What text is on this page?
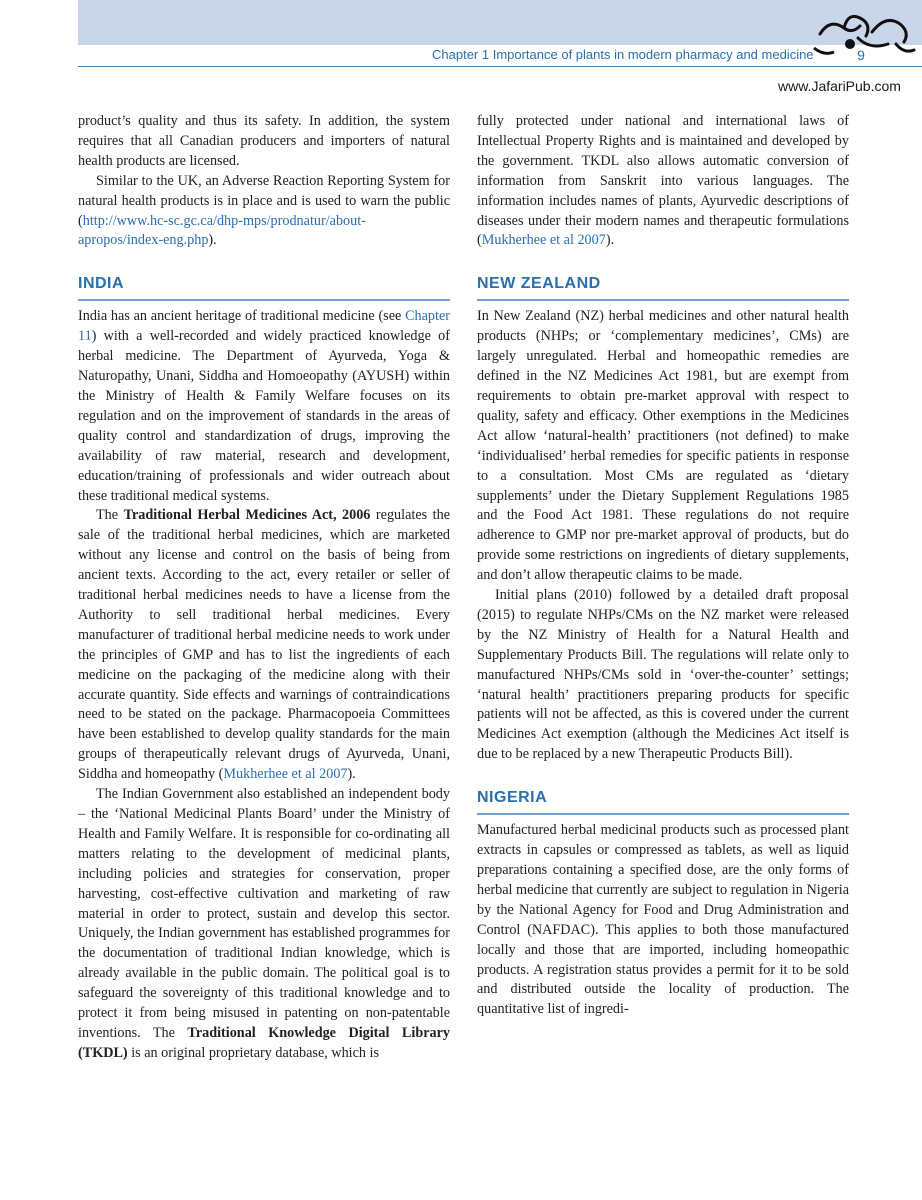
Chapter 1 Importance of plants in modern pharmacy and medicine	9
www.JafariPub.com

product’s quality and thus its safety. In addition, the system requires that all Canadian producers and importers of natural health products are licensed.

Similar to the UK, an Adverse Reaction Reporting System for natural health products is in place and is used to warn the public (http://www.hc-sc.gc.ca/dhp-mps/prodnatur/about-apropos/index-eng.php).

INDIA

India has an ancient heritage of traditional medicine (see Chapter 11) with a well-recorded and widely practiced knowledge of herbal medicine. The Department of Ayurveda, Yoga & Naturopathy, Unani, Siddha and Homoeopathy (AYUSH) within the Ministry of Health & Family Welfare focuses on its regulation and on the improvement of standards in the areas of quality control and standardization of drugs, improving the availability of raw material, research and development, education/training of professionals and wider outreach about these traditional medical systems.

The Traditional Herbal Medicines Act, 2006 regulates the sale of the traditional herbal medicines, which are marketed without any license and control on the basis of being from ancient texts. According to the act, every retailer or seller of traditional herbal medicines needs to have a license from the Authority to sell traditional herbal medicines. Every manufacturer of traditional herbal medicine needs to work under the principles of GMP and has to list the ingredients of each medicine on the packaging of the medicine along with their accurate quantity. Side effects and warnings of contraindications need to be stated on the package. Pharmacopoeia Committees have been established to develop quality standards for the main groups of therapeutically relevant drugs of Ayurveda, Unani, Siddha and homeopathy (Mukherhee et al 2007).

The Indian Government also established an independent body – the ‘National Medicinal Plants Board’ under the Ministry of Health and Family Welfare. It is responsible for co-ordinating all matters relating to the development of medicinal plants, including policies and strategies for conservation, proper harvesting, cost-effective cultivation and marketing of raw material in order to protect, sustain and develop this sector. Uniquely, the Indian government has established programmes for the documentation of traditional Indian knowledge, which is already available in the public domain. The political goal is to safeguard the sovereignty of this traditional knowledge and to protect it from being misused in patenting on non-patentable inventions. The Traditional Knowledge Digital Library (TKDL) is an original proprietary database, which is

fully protected under national and international laws of Intellectual Property Rights and is maintained and developed by the government. TKDL also allows automatic conversion of information from Sanskrit into various languages. The information includes names of plants, Ayurvedic descriptions of diseases under their modern names and therapeutic formulations (Mukherhee et al 2007).

NEW ZEALAND

In New Zealand (NZ) herbal medicines and other natural health products (NHPs; or ‘complementary medicines’, CMs) are largely unregulated. Herbal and homeopathic remedies are defined in the NZ Medicines Act 1981, but are exempt from requirements to obtain pre-market approval with respect to quality, safety and efficacy. Other exemptions in the Medicines Act allow ‘natural-health’ practitioners (not defined) to make ‘individualised’ herbal remedies for specific patients in response to a consultation. Most CMs are regulated as ‘dietary supplements’ under the Dietary Supplement Regulations 1985 and the Food Act 1981. These regulations do not require adherence to GMP nor pre-market approval of products, but do provide some restrictions on ingredients of dietary supplements, and don’t allow therapeutic claims to be made.

Initial plans (2010) followed by a detailed draft proposal (2015) to regulate NHPs/CMs on the NZ market were released by the NZ Ministry of Health for a Natural Health and Supplementary Products Bill. The regulations will relate only to manufactured NHPs/CMs sold in ‘over-the-counter’ settings; ‘natural health’ practitioners preparing products for specific patients will not be affected, as this is covered under the current Medicines Act exemption (although the Medicines Act itself is due to be replaced by a new Therapeutic Products Bill).

NIGERIA

Manufactured herbal medicinal products such as processed plant extracts in capsules or compressed as tablets, as well as liquid preparations containing a specified dose, are the only forms of herbal medicine that currently are subject to regulation in Nigeria by the National Agency for Food and Drug Administration and Control (NAFDAC). This applies to both those manufactured locally and those that are imported, including homeopathic products. A registration status provides a permit for it to be sold and distributed outside the locality of production. The quantitative list of ingredi-
